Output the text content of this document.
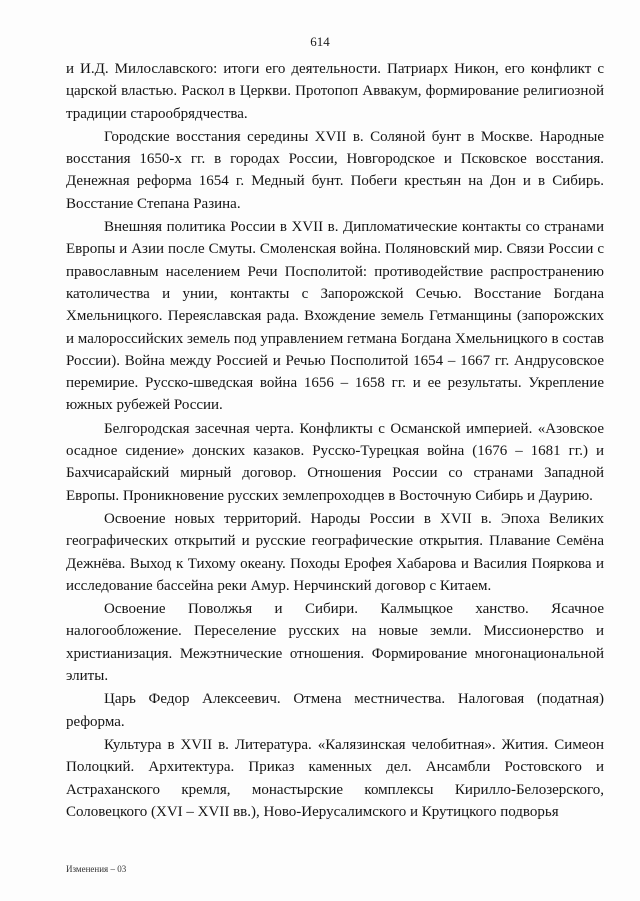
614

и И.Д. Милославского: итоги его деятельности. Патриарх Никон, его конфликт с царской властью. Раскол в Церкви. Протопоп Аввакум, формирование религиозной традиции старообрядчества.

Городские восстания середины XVII в. Соляной бунт в Москве. Народные восстания 1650-х гг. в городах России, Новгородское и Псковское восстания. Денежная реформа 1654 г. Медный бунт. Побеги крестьян на Дон и в Сибирь. Восстание Степана Разина.

Внешняя политика России в XVII в. Дипломатические контакты со странами Европы и Азии после Смуты. Смоленская война. Поляновский мир. Связи России с православным населением Речи Посполитой: противодействие распространению католичества и унии, контакты с Запорожской Сечью. Восстание Богдана Хмельницкого. Переяславская рада. Вхождение земель Гетманщины (запорожских и малороссийских земель под управлением гетмана Богдана Хмельницкого в состав России). Война между Россией и Речью Посполитой 1654 – 1667 гг. Андрусовское перемирие. Русско-шведская война 1656 – 1658 гг. и ее результаты. Укрепление южных рубежей России.

Белгородская засечная черта. Конфликты с Османской империей. «Азовское осадное сидение» донских казаков. Русско-Турецкая война (1676 – 1681 гг.) и Бахчисарайский мирный договор. Отношения России со странами Западной Европы. Проникновение русских землепроходцев в Восточную Сибирь и Даурию.

Освоение новых территорий. Народы России в XVII в. Эпоха Великих географических открытий и русские географические открытия. Плавание Семёна Дежнёва. Выход к Тихому океану. Походы Ерофея Хабарова и Василия Пояркова и исследование бассейна реки Амур. Нерчинский договор с Китаем.

Освоение Поволжья и Сибири. Калмыцкое ханство. Ясачное налогообложение. Переселение русских на новые земли. Миссионерство и христианизация. Межэтнические отношения. Формирование многонациональной элиты.

Царь Федор Алексеевич. Отмена местничества. Налоговая (податная) реформа.

Культура в XVII в. Литература. «Калязинская челобитная». Жития. Симеон Полоцкий. Архитектура. Приказ каменных дел. Ансамбли Ростовского и Астраханского кремля, монастырские комплексы Кирилло-Белозерского, Соловецкого (XVI – XVII вв.), Ново-Иерусалимского и Крутицкого подворья

Изменения – 03
